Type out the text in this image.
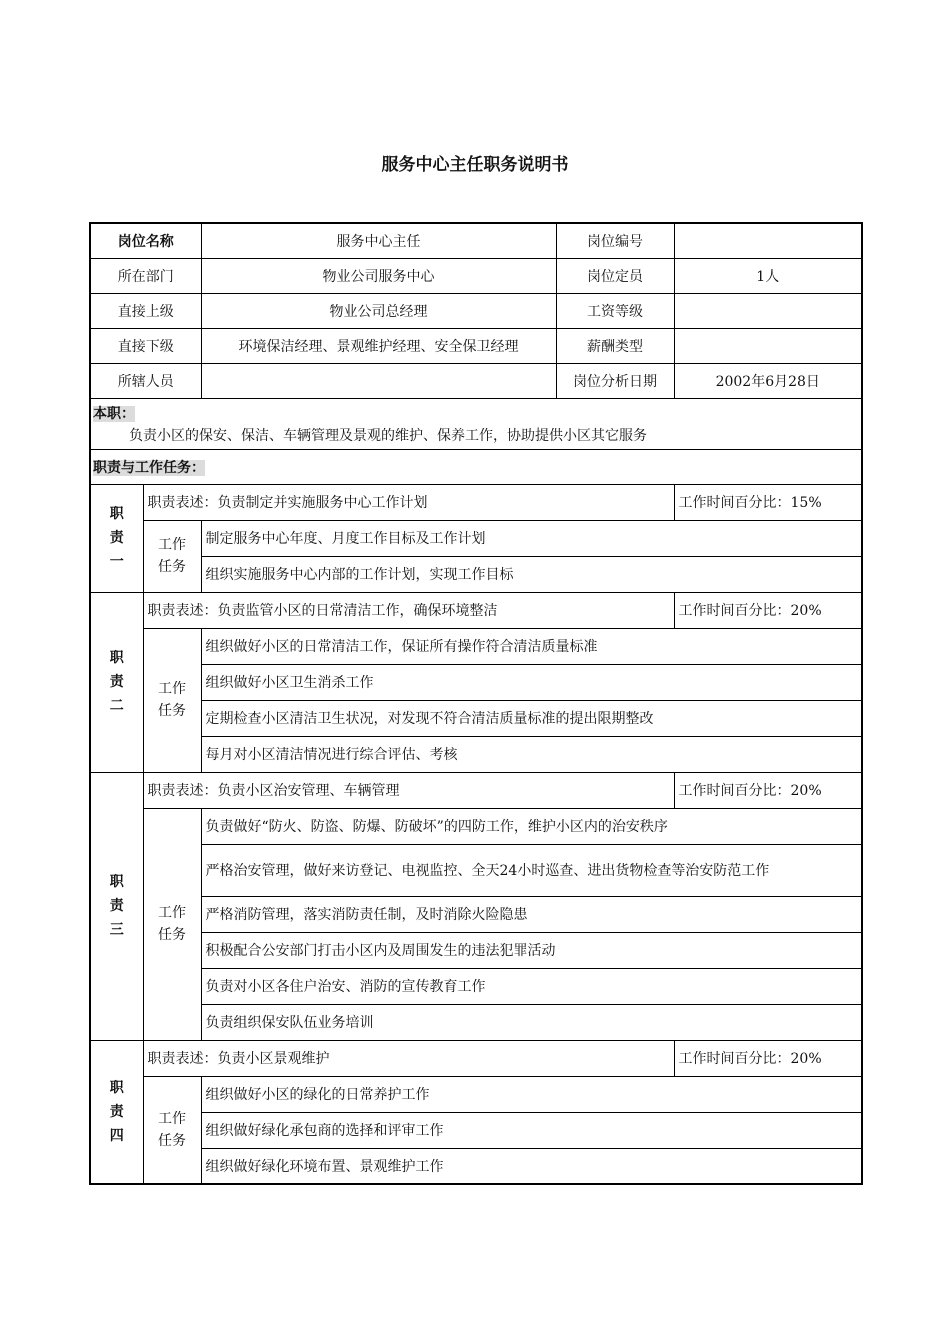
服务中心主任职务说明书
岗位名称		服务中心主任	岗位编号	
所在部门		物业公司服务中心	岗位定员	1人
直接上级		物业公司总经理	工资等级	
直接下级		环境保洁经理、景观维护经理、安全保卫经理	薪酬类型	
所辖人员			岗位分析日期	2002年6月28日

本职：
负责小区的保安、保洁、车辆管理及景观的维护、保养工作，协助提供小区其它服务				

职责与工作任务：				

职
责
一	职责表述：负责制定并实施服务中心工作计划			工作时间百分比：15%

	工作
任务	制定服务中心年度、月度工作目标及工作计划		
		组织实施服务中心内部的工作计划，实现工作目标		

职
责
二	职责表述：负责监管小区的日常清洁工作，确保环境整洁			工作时间百分比：20%

	工作
任务	组织做好小区的日常清洁工作，保证所有操作符合清洁质量标准		
		组织做好小区卫生消杀工作		
		定期检查小区清洁卫生状况，对发现不符合清洁质量标准的提出限期整改		
		每月对小区清洁情况进行综合评估、考核		

职
责
三	职责表述：负责小区治安管理、车辆管理			工作时间百分比：20%

	工作
任务	负责做好“防火、防盗、防爆、防破坏”的四防工作，维护小区内的治安秩序		
		严格治安管理，做好来访登记、电视监控、全天24小时巡查、进出货物检查等治安防范工作		
		严格消防管理，落实消防责任制，及时消除火险隐患		
		积极配合公安部门打击小区内及周围发生的违法犯罪活动		
		负责对小区各住户治安、消防的宣传教育工作		
		负责组织保安队伍业务培训		

职
责
四	职责表述：负责小区景观维护			工作时间百分比：20%

	工作
任务	组织做好小区的绿化的日常养护工作		
		组织做好绿化承包商的选择和评审工作		
		组织做好绿化环境布置、景观维护工作		
